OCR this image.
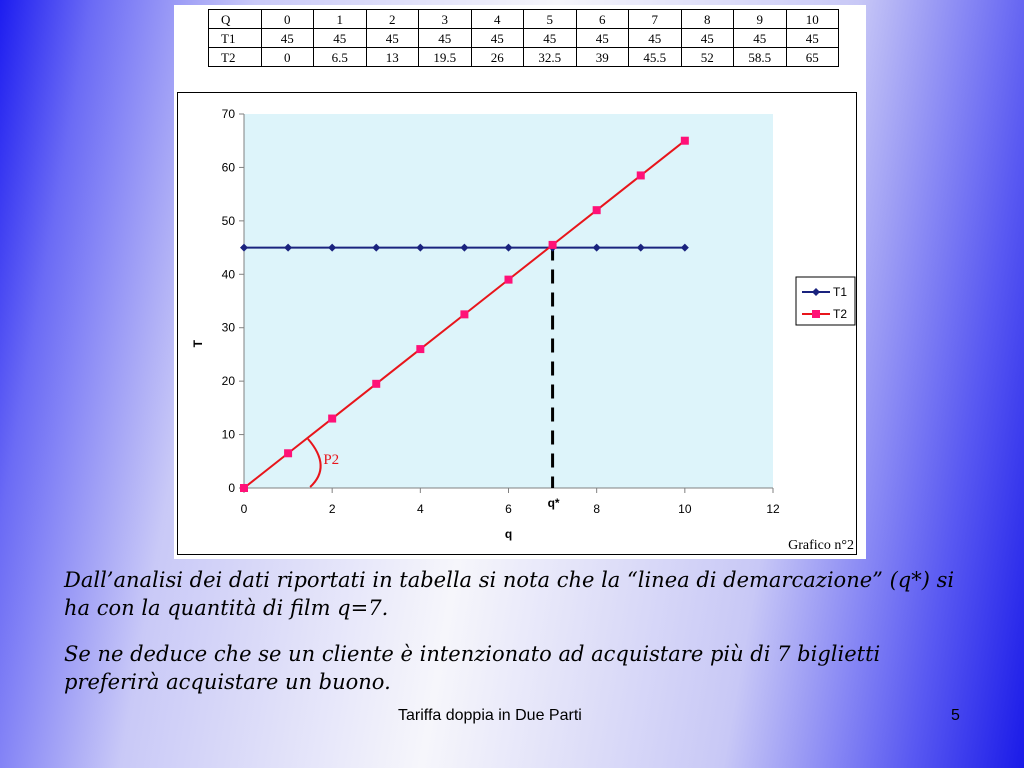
Q	0	1	2	3	4	5	6	7	8	9	10
T1	45	45	45	45	45	45	45	45	45	45	45
T2	0	6.5	13	19.5	26	32.5	39	45.5	52	58.5	65
0
10
20
30
40
50
60
70
0	2	4	6	8	10	12
q
T
q*
P2
T1
T2
Grafico n°2
Dall’analisi dei dati riportati in tabella si nota che la “linea di demarcazione” (q*) si ha con la quantità di film q=7.
Se ne deduce che se un cliente è intenzionato ad acquistare più di 7 biglietti preferirà acquistare un buono.
Tariffa doppia in Due Parti	5
